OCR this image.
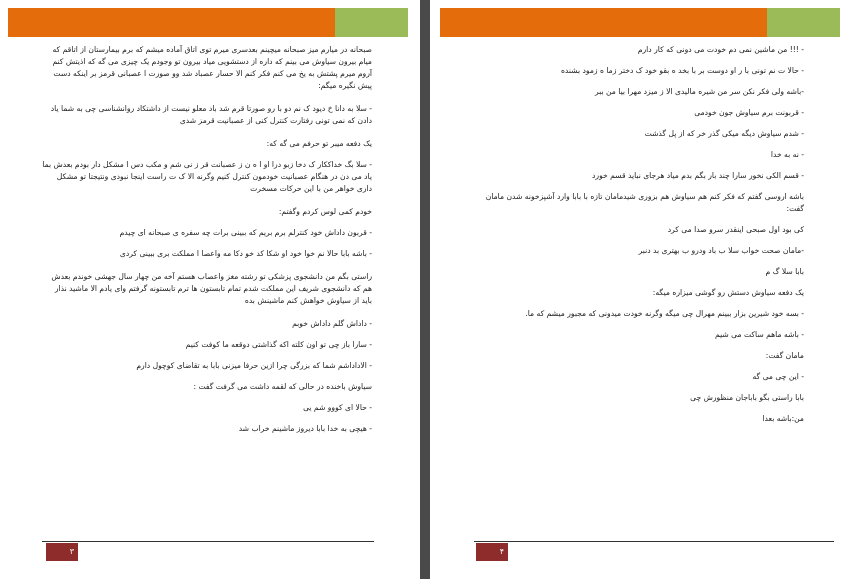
صبحانه در میارم میز صبحانه میچینم بعدسری میرم توی اتاق آماده میشم که برم بیمارستان از اتاقم که میام بیرون سیاوش می بینم که داره از دستشویی میاد بیرون تو وجودم یک چیزی می گه که اذیتش کنم آروم میرم پشتش به یخ می کنم فکر کنم الا حسار عصباد شد وو صورت ا عصبانی قرمز بر اینکه دست پیش نگیره میگم:

- سلا به دانا خ دیود ک نم دو با رو صورتا قرم شد باد معلو نیست از داشتکاد روانشناسی چی به شما یاد دادن که نمی تونی رفتارت کنترل کنی از عصبانیت قرمز شدی

یک دفعه میبر تو حرفم می گه که:

- سلا بگ خداککار ک دخا زبو درا او ا ه ن ز عصبانت قر ز نی شم و مکب دس ا مشکل دار بودم بعدش بما یاد می دن در هنگام عصبانیت خودمون کنترل کنیم وگرنه الا ک ت راست اینجا نبودی ونتیجتا تو مشکل داری خواهر من با این حرکات مسخرت

خودم کمی لوس کردم وگفتم:

- قربون داداش خود کنترلم برم بریم که ببینی برات چه سفره ی صبحانه ای چیدم

- باشه بابا حالا نم خوا خود او شکا کد خو دکا مه واعصا ا مملکت بری ببینی کردی

راستی بگم من دانشجوی پزشکی تو رشته مغز واعصاب هستم آخه من چهار سال جهشی خوندم بعدش هم که دانشجوی شریف این مملکت شدم تمام تابستون ها ترم تابستونه گرفتم وای یادم الا ماشید نذار باید از سیاوش خواهش کنم ماشینش بده

- داداش گلم داداش خوبم

- سارا باز چی تو اون کلته اکه گذاشتی دوقعه ما کوفت کنیم

- الاداداشم شما که بزرگی چرا ازین حرفا میزنی بابا به تقاضای کوچول دارم

سیاوش باخنده در حالی که لقمه داشت می گرفت گفت :

- حالا ای کووو شم یی

- هیچی به خدا بابا دیروز ماشینم خراب شد

۳

- !!! من ماشین نمی دم خودت می دونی که کار دارم

- حالا ت نم تونی با ر او دوست بر با بخد ه بقو خود ک دختر زما ه زمود بشنده

-باشه ولی فکر نکن سر من شیره مالیدی الا ز میزد مهرا بیا من ببر

- قربونت برم سیاوش جون خودمی

- شدم سیاوش دیگه میکی گذر خر که از پل گذشت

- نه به خدا

- قسم الکی نخور سارا چند بار بگم بدم میاد هرجای نباید قسم خورد

باشه اروسی گفتم که فکر کنم هم سیاوش هم بزوری شیدمامان تازه با بابا وارد آشپزخونه شدن مامان گفت:

کی بود اول صبحی اینقدر سرو صدا می کرد

-مامان صحت خواب سلا ب باد ودرو ب بهتری بد دنبر

بابا سلا گ م

یک دفعه سیاوش دستش رو گوشی میزاره میگه:

- بسه خود شیرین بزار ببینم مهرال چی میگه وگرنه خودت میدونی که مجبور میشم که ما.

- باشه ماهم ساکت می شیم

مامان گفت:

- این چی می گه

بابا راستی بگو باباجان منظورش چی

من:باشه بعدا

۴
